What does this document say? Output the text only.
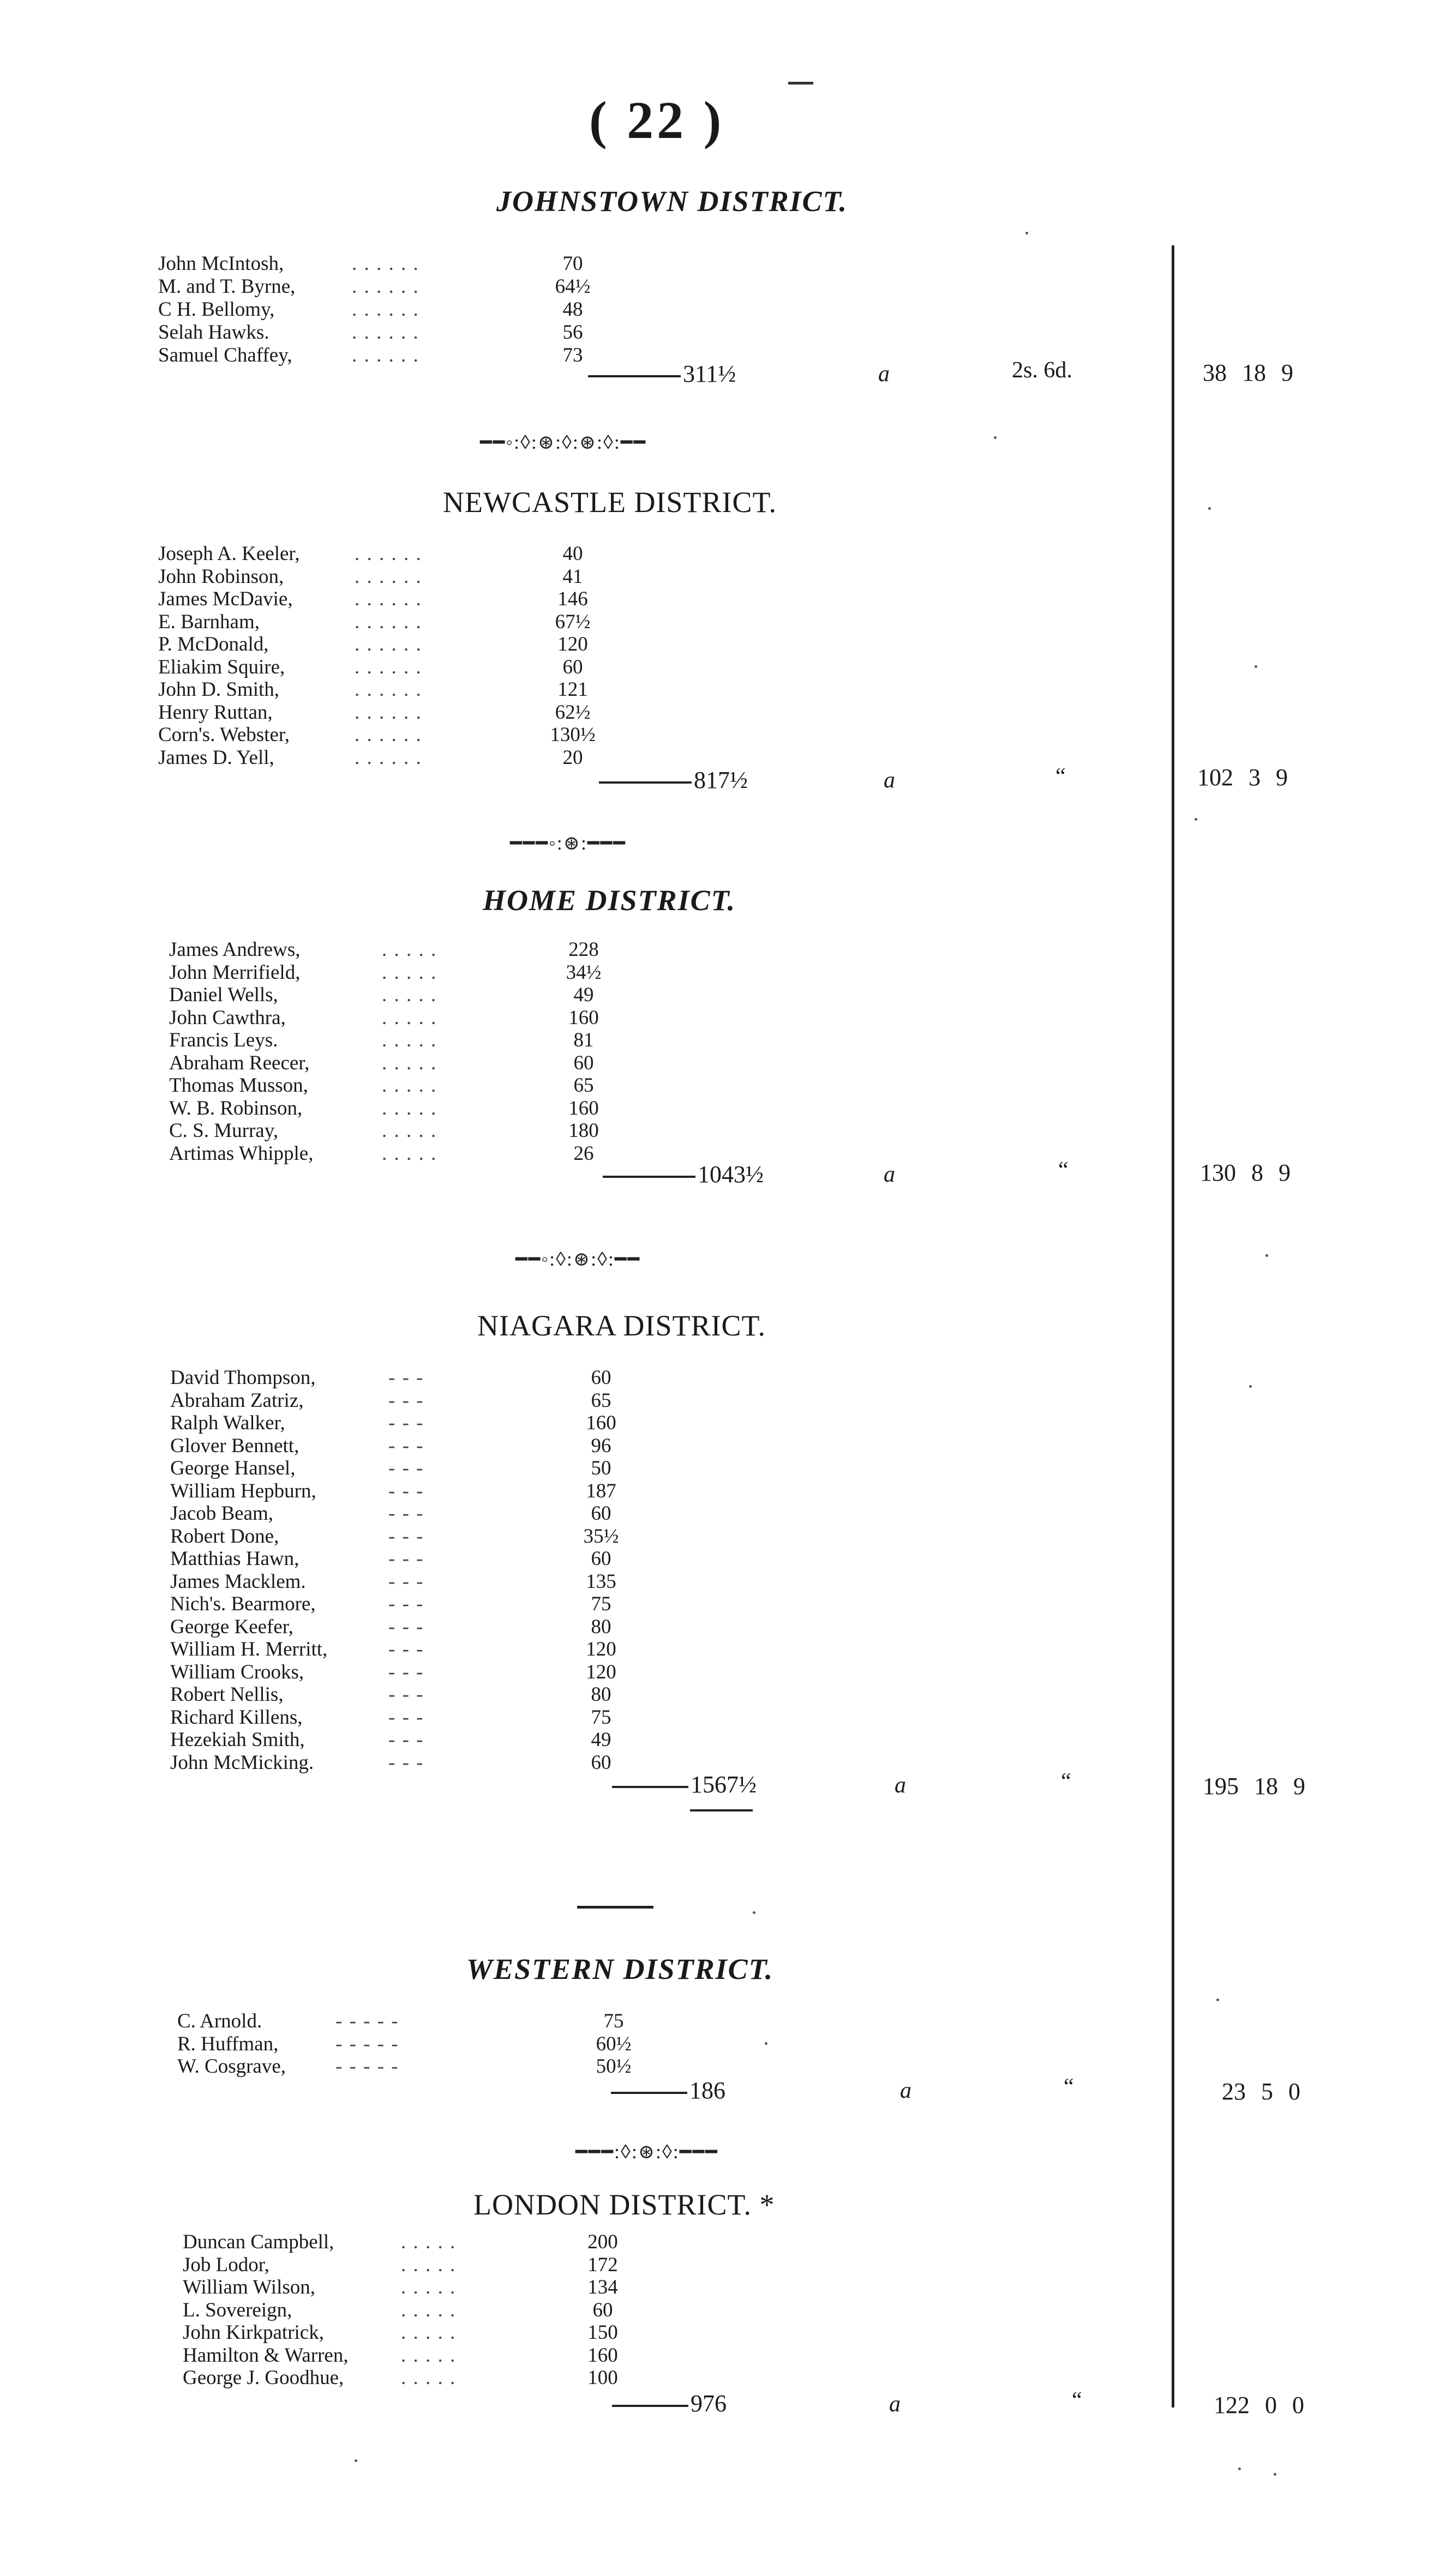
( 22 )
JOHNSTOWN DISTRICT.
John McIntosh,	. . . . . .	70
M. and T. Byrne,	. . . . . .	64½
C H. Bellomy,	. . . . . .	48
Selah Hawks.	. . . . . .	56
Samuel Chaffey,	. . . . . .	73
311½	a	2s. 6d.	38 18 9
━━◦:◊:⊛:◊:⊛:◊:━━
NEWCASTLE DISTRICT.
Joseph A. Keeler,	. . . . . .	40
John Robinson,	. . . . . .	41
James McDavie,	. . . . . .	146
E. Barnham,	. . . . . .	67½
P. McDonald,	. . . . . .	120
Eliakim Squire,	. . . . . .	60
John D. Smith,	. . . . . .	121
Henry Ruttan,	. . . . . .	62½
Corn's. Webster,	. . . . . .	130½
James D. Yell,	. . . . . .	20
817½	a	“	102 3 9
━━━◦:⊛:━━━
HOME DISTRICT.
James Andrews,	. . . . .	228
John Merrifield,	. . . . .	34½
Daniel Wells,	. . . . .	49
John Cawthra,	. . . . .	160
Francis Leys.	. . . . .	81
Abraham Reecer,	. . . . .	60
Thomas Musson,	. . . . .	65
W. B. Robinson,	. . . . .	160
C. S. Murray,	. . . . .	180
Artimas Whipple,	. . . . .	26
1043½	a	“	130 8 9
━━◦:◊:⊛:◊:━━
NIAGARA DISTRICT.
David Thompson,	- - -	60
Abraham Zatriz,	- - -	65
Ralph Walker,	- - -	160
Glover Bennett,	- - -	96
George Hansel,	- - -	50
William Hepburn,	- - -	187
Jacob Beam,	- - -	60
Robert Done,	- - -	35½
Matthias Hawn,	- - -	60
James Macklem.	- - -	135
Nich's. Bearmore,	- - -	75
George Keefer,	- - -	80
William H. Merritt,	- - -	120
William Crooks,	- - -	120
Robert Nellis,	- - -	80
Richard Killens,	- - -	75
Hezekiah Smith,	- - -	49
John McMicking.	- - -	60
1567½	a	“	195 18 9
WESTERN DISTRICT.
C. Arnold.	- - - - -	75
R. Huffman,	- - - - -	60½
W. Cosgrave, - - - - -	50½
186	a	“	23 5 0
━━━:◊:⊛:◊:━━━
LONDON DISTRICT. *
Duncan Campbell,	. . . . .	200
Job Lodor,	. . . . .	172
William Wilson,	. . . . .	134
L. Sovereign,	. . . . .	60
John Kirkpatrick,	. . . . .	150
Hamilton & Warren,	. . . . .	160
George J. Goodhue,	. . . . .	100
976	a	“	122 0 0
